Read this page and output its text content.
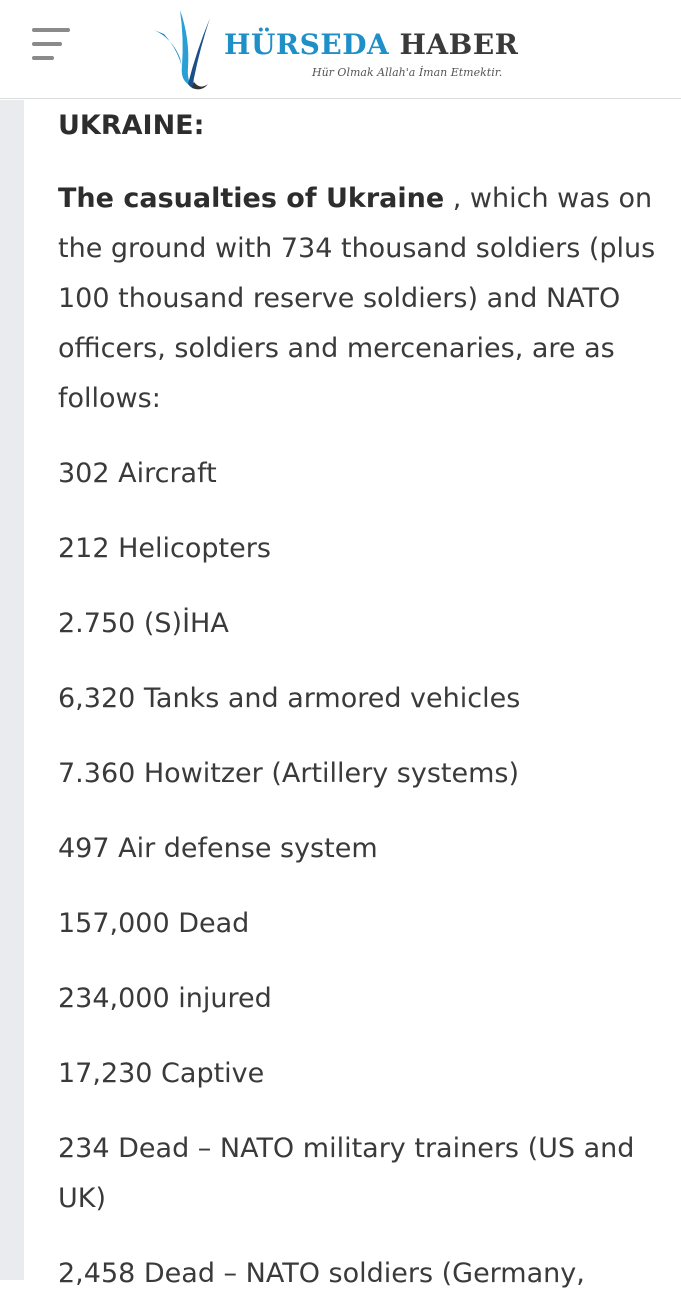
HÜRSEDA HABER
Hür Olmak Allah'a İman Etmektir.
UKRAINE:

The casualties of Ukraine , which was on the ground with 734 thousand soldiers (plus 100 thousand reserve soldiers) and NATO officers, soldiers and mercenaries, are as follows:

302 Aircraft

212 Helicopters

2.750 (S)İHA

6,320 Tanks and armored vehicles

7.360 Howitzer (Artillery systems)

497 Air defense system

157,000 Dead

234,000 injured

17,230 Captive

234 Dead – NATO military trainers (US and UK)

2,458 Dead – NATO soldiers (Germany,
